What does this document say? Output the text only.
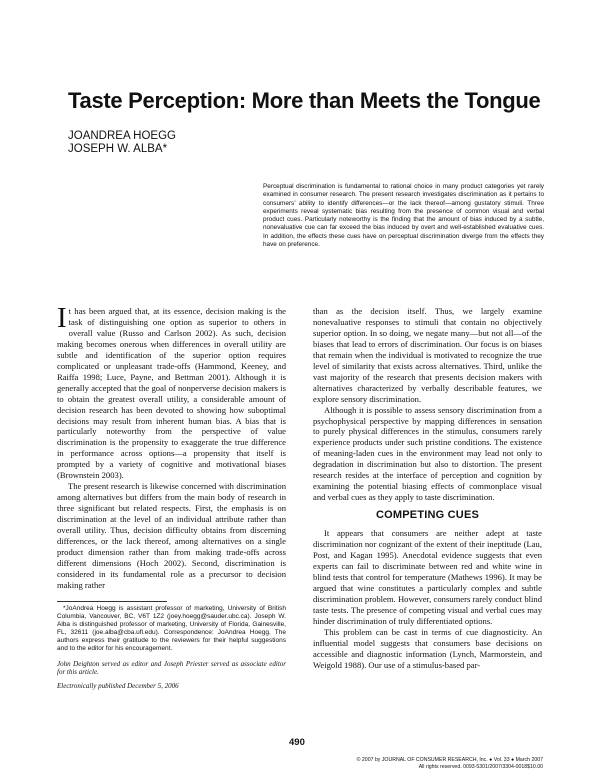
Taste Perception: More than Meets the Tongue
JOANDREA HOEGG
JOSEPH W. ALBA*
Perceptual discrimination is fundamental to rational choice in many product categories yet rarely examined in consumer research. The present research investigates discrimination as it pertains to consumers’ ability to identify differences—or the lack thereof—among gustatory stimuli. Three experiments reveal systematic bias resulting from the presence of common visual and verbal product cues. Particularly noteworthy is the finding that the amount of bias induced by a subtle, nonevaluative cue can far exceed the bias induced by overt and well-established evaluative cues. In addition, the effects these cues have on perceptual discrimination diverge from the effects they have on preference.

It has been argued that, at its essence, decision making is the task of distinguishing one option as superior to others in overall value (Russo and Carlson 2002). As such, decision making becomes onerous when differences in overall utility are subtle and identification of the superior option requires complicated or unpleasant trade-offs (Hammond, Keeney, and Raiffa 1998; Luce, Payne, and Bettman 2001). Although it is generally accepted that the goal of nonperverse decision makers is to obtain the greatest overall utility, a considerable amount of decision research has been devoted to showing how suboptimal decisions may result from inherent human bias. A bias that is particularly noteworthy from the perspective of value discrimination is the propensity to exaggerate the true difference in performance across options—a propensity that itself is prompted by a variety of cognitive and motivational biases (Brownstein 2003).

The present research is likewise concerned with discrimination among alternatives but differs from the main body of research in three significant but related respects. First, the emphasis is on discrimination at the level of an individual attribute rather than overall utility. Thus, decision difficulty obtains from discerning differences, or the lack thereof, among alternatives on a single product dimension rather than from making trade-offs across different dimensions (Hoch 2002). Second, discrimination is considered in its fundamental role as a precursor to decision making rather

than as the decision itself. Thus, we largely examine nonevaluative responses to stimuli that contain no objectively superior option. In so doing, we negate many—but not all—of the biases that lead to errors of discrimination. Our focus is on biases that remain when the individual is motivated to recognize the true level of similarity that exists across alternatives. Third, unlike the vast majority of the research that presents decision makers with alternatives characterized by verbally describable features, we explore sensory discrimination.

Although it is possible to assess sensory discrimination from a psychophysical perspective by mapping differences in sensation to purely physical differences in the stimulus, consumers rarely experience products under such pristine conditions. The existence of meaning-laden cues in the environment may lead not only to degradation in discrimination but also to distortion. The present research resides at the interface of perception and cognition by examining the potential biasing effects of commonplace visual and verbal cues as they apply to taste discrimination.

COMPETING CUES

It appears that consumers are neither adept at taste discrimination nor cognizant of the extent of their ineptitude (Lau, Post, and Kagan 1995). Anecdotal evidence suggests that even experts can fail to discriminate between red and white wine in blind tests that control for temperature (Mathews 1996). It may be argued that wine constitutes a particularly complex and subtle discrimination problem. However, consumers rarely conduct blind taste tests. The presence of competing visual and verbal cues may hinder discrimination of truly differentiated options.

This problem can be cast in terms of cue diagnosticity. An influential model suggests that consumers base decisions on accessible and diagnostic information (Lynch, Marmorstein, and Weigold 1988). Our use of a stimulus-based par-

*JoAndrea Hoegg is assistant professor of marketing, University of British Columbia, Vancouver, BC, V6T 1Z2 (joey.hoegg@sauder.ubc.ca). Joseph W. Alba is distinguished professor of marketing, University of Florida, Gainesville, FL, 32611 (joe.alba@cba.ufl.edu). Correspondence: JoAndrea Hoegg. The authors express their gratitude to the reviewers for their helpful suggestions and to the editor for his encouragement.

John Deighton served as editor and Joseph Priester served as associate editor for this article.

Electronically published December 5, 2006

490
© 2007 by JOURNAL OF CONSUMER RESEARCH, Inc. ● Vol. 33 ● March 2007
All rights reserved. 0093-5301/2007/3304-0018$10.00
